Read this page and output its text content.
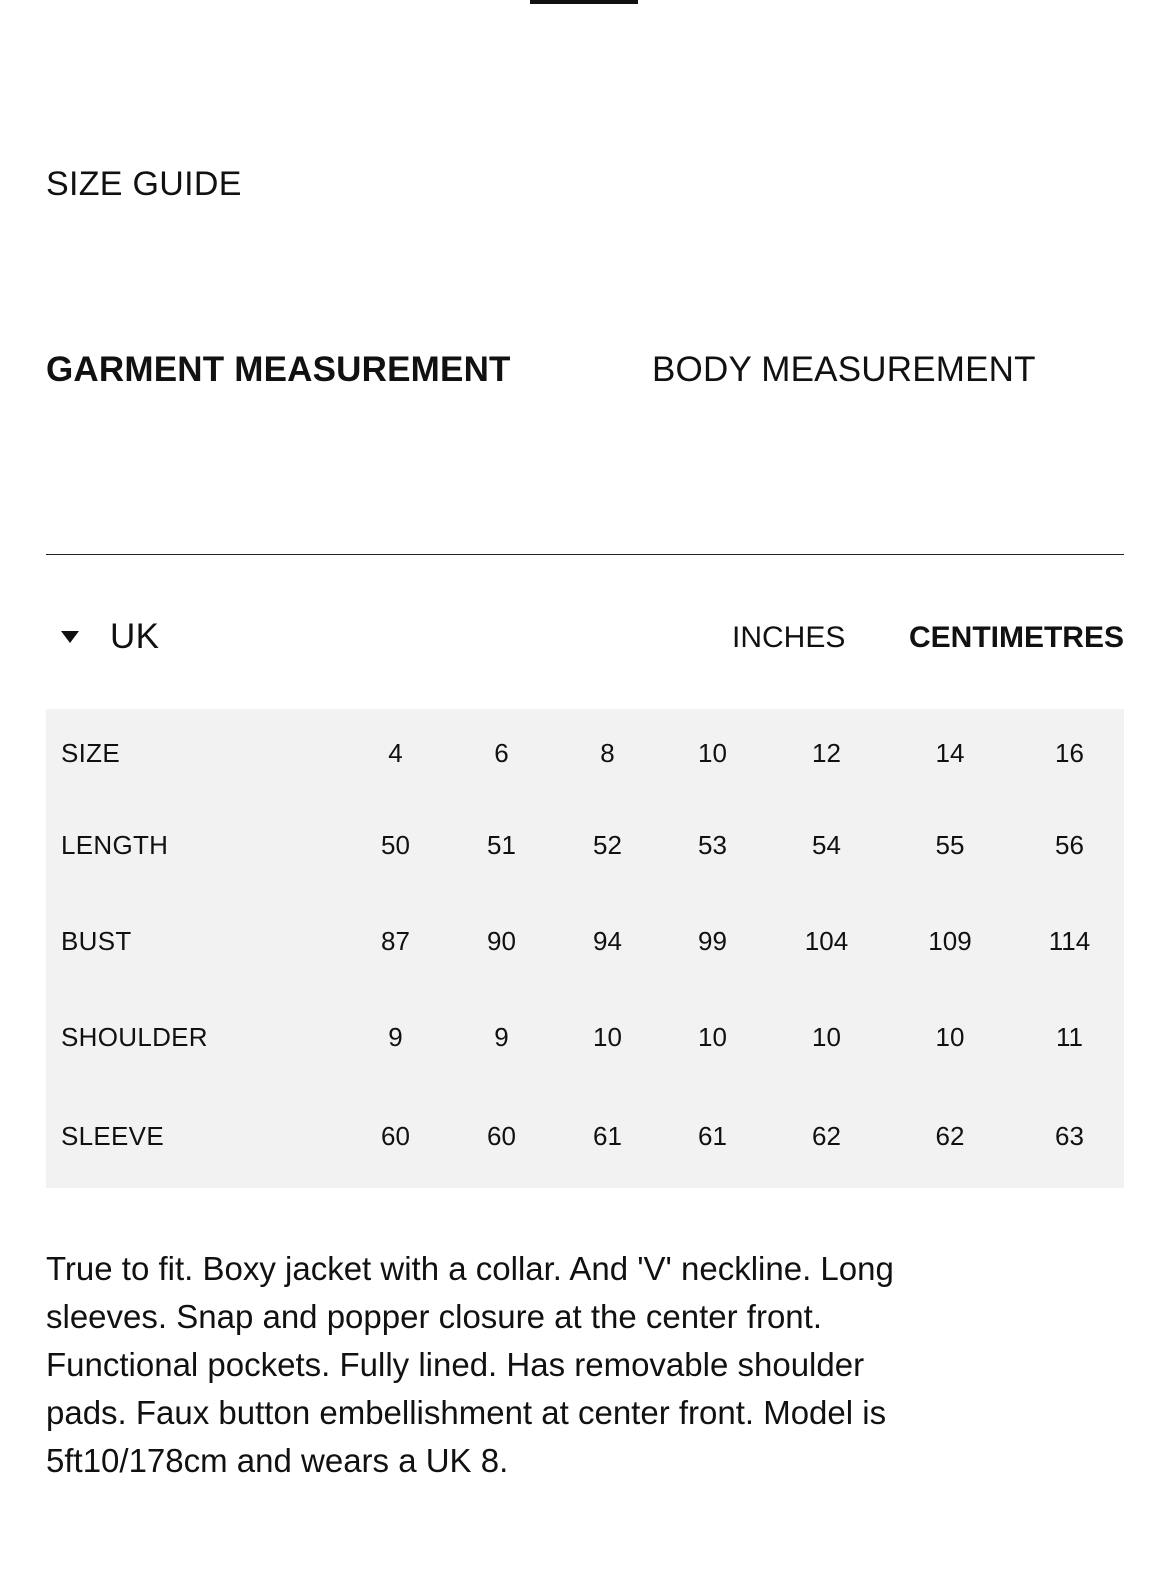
SIZE GUIDE
GARMENT MEASUREMENT	BODY MEASUREMENT
UK	INCHES CENTIMETRES
SIZE	4	6	8	10	12	14	16
LENGTH	50	51	52	53	54	55	56
BUST	87	90	94	99	104	109	114
SHOULDER	9	9	10	10	10	10	11
SLEEVE	60	60	61	61	62	62	63

True to fit. Boxy jacket with a collar. And 'V' neckline. Long sleeves. Snap and popper closure at the center front. Functional pockets. Fully lined. Has removable shoulder pads. Faux button embellishment at center front. Model is 5ft10/178cm and wears a UK 8.
